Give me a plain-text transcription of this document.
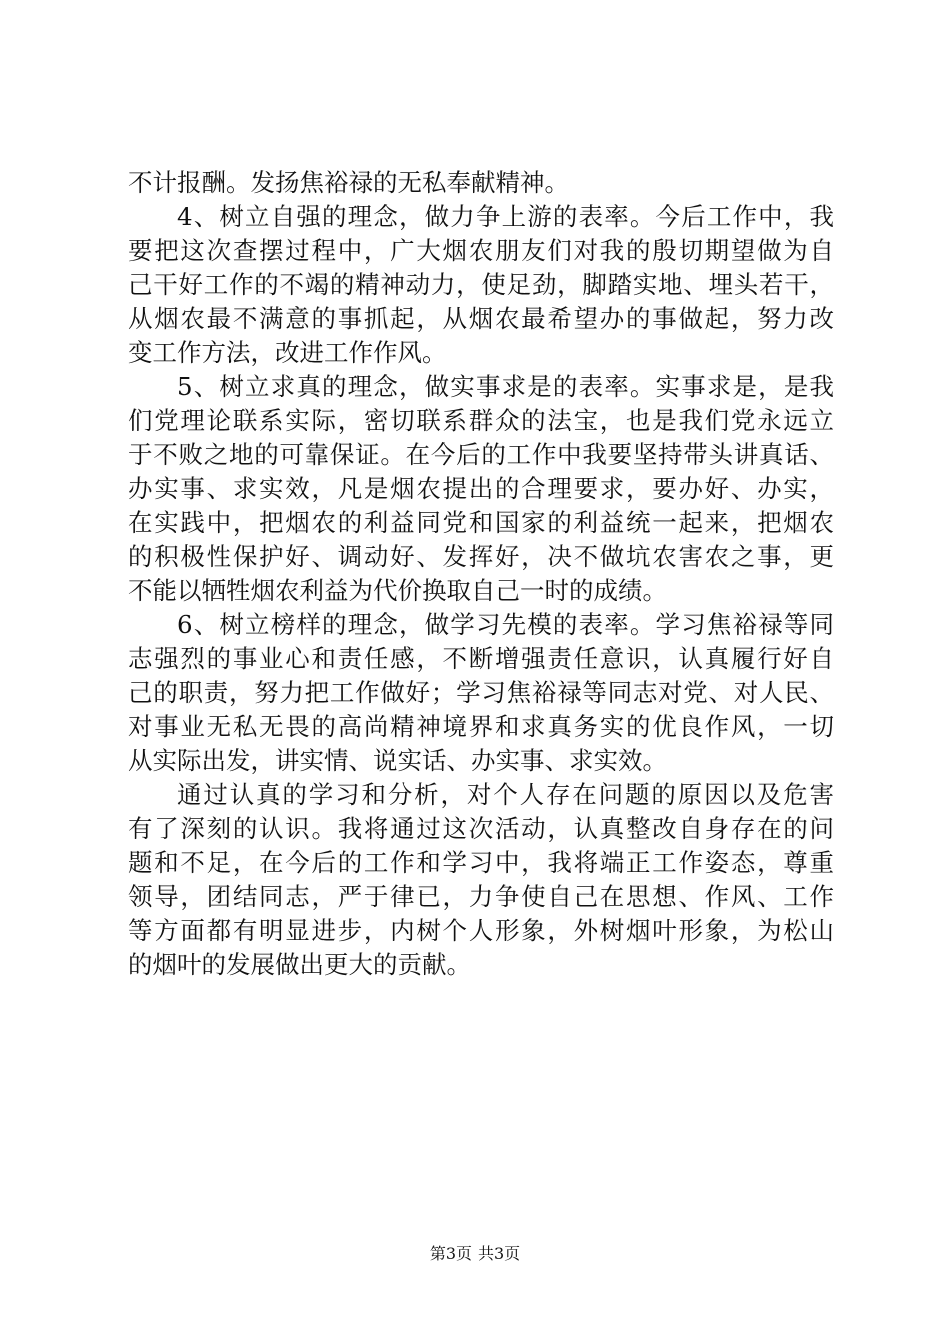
不计报酬。发扬焦裕禄的无私奉献精神。
4、树立自强的理念，做力争上游的表率。今后工作中，我
要把这次查摆过程中，广大烟农朋友们对我的殷切期望做为自
己干好工作的不竭的精神动力，使足劲，脚踏实地、埋头若干，
从烟农最不满意的事抓起，从烟农最希望办的事做起，努力改
变工作方法，改进工作作风。
5、树立求真的理念，做实事求是的表率。实事求是，是我
们党理论联系实际，密切联系群众的法宝，也是我们党永远立
于不败之地的可靠保证。在今后的工作中我要坚持带头讲真话、
办实事、求实效，凡是烟农提出的合理要求，要办好、办实，
在实践中，把烟农的利益同党和国家的利益统一起来，把烟农
的积极性保护好、调动好、发挥好，决不做坑农害农之事，更
不能以牺牲烟农利益为代价换取自己一时的成绩。
6、树立榜样的理念，做学习先模的表率。学习焦裕禄等同
志强烈的事业心和责任感，不断增强责任意识，认真履行好自
己的职责，努力把工作做好；学习焦裕禄等同志对党、对人民、
对事业无私无畏的高尚精神境界和求真务实的优良作风，一切
从实际出发，讲实情、说实话、办实事、求实效。
通过认真的学习和分析，对个人存在问题的原因以及危害
有了深刻的认识。我将通过这次活动，认真整改自身存在的问
题和不足，在今后的工作和学习中，我将端正工作姿态，尊重
领导，团结同志，严于律已，力争使自己在思想、作风、工作
等方面都有明显进步，内树个人形象，外树烟叶形象，为松山
的烟叶的发展做出更大的贡献。
第3页 共3页
